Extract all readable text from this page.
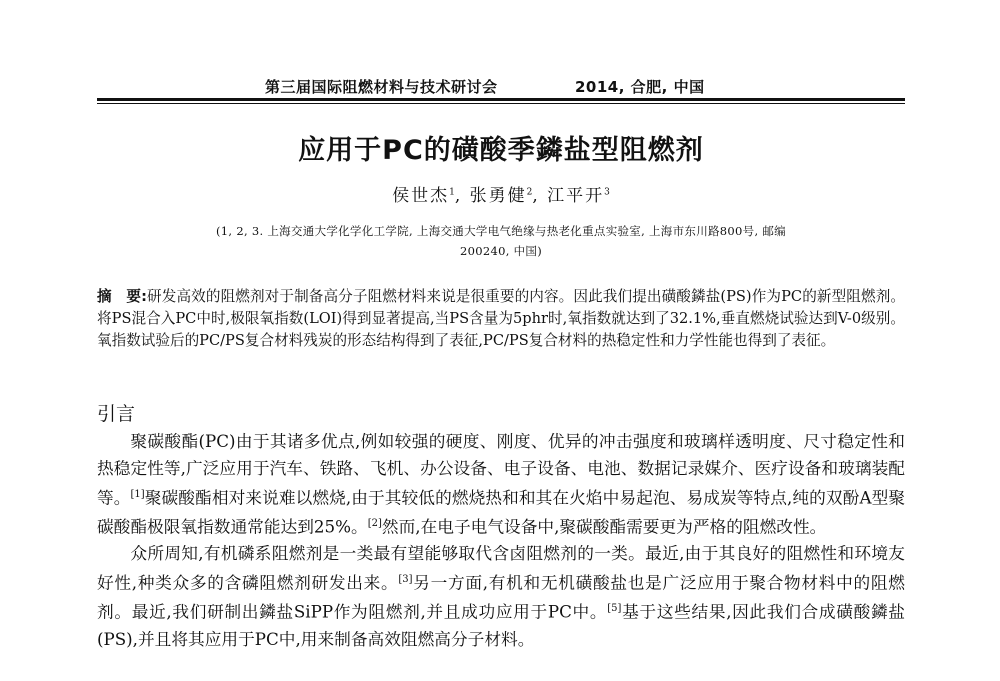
第三届国际阻燃材料与技术研讨会	2014, 合肥, 中国
应用于PC的磺酸季鏻盐型阻燃剂
侯世杰$^1$, 张勇健$^2$, 江平开$^3$
(1, 2, 3. 上海交通大学化学化工学院, 上海交通大学电气绝缘与热老化重点实验室, 上海市东川路800号, 邮编
200240, 中国)
摘　要:研发高效的阻燃剂对于制备高分子阻燃材料来说是很重要的内容。因此我们提出磺酸鏻盐(PS)作为PC的新型阻燃剂。将PS混合入PC中时,极限氧指数(LOI)得到显著提高,当PS含量为5phr时,氧指数就达到了32.1%,垂直燃烧试验达到V-0级别。氧指数试验后的PC/PS复合材料残炭的形态结构得到了表征,PC/PS复合材料的热稳定性和力学性能也得到了表征。
引言

聚碳酸酯(PC)由于其诸多优点,例如较强的硬度、刚度、优异的冲击强度和玻璃样透明度、尺寸稳定性和热稳定性等,广泛应用于汽车、铁路、飞机、办公设备、电子设备、电池、数据记录媒介、医疗设备和玻璃装配等。[1]聚碳酸酯相对来说难以燃烧,由于其较低的燃烧热和和其在火焰中易起泡、易成炭等特点,纯的双酚A型聚碳酸酯极限氧指数通常能达到25%。[2]然而,在电子电气设备中,聚碳酸酯需要更为严格的阻燃改性。

众所周知,有机磷系阻燃剂是一类最有望能够取代含卤阻燃剂的一类。最近,由于其良好的阻燃性和环境友好性,种类众多的含磷阻燃剂研发出来。[3]另一方面,有机和无机磺酸盐也是广泛应用于聚合物材料中的阻燃剂。最近,我们研制出鏻盐SiPP作为阻燃剂,并且成功应用于PC中。[5]基于这些结果,因此我们合成磺酸鏻盐(PS),并且将其应用于PC中,用来制备高效阻燃高分子材料。
